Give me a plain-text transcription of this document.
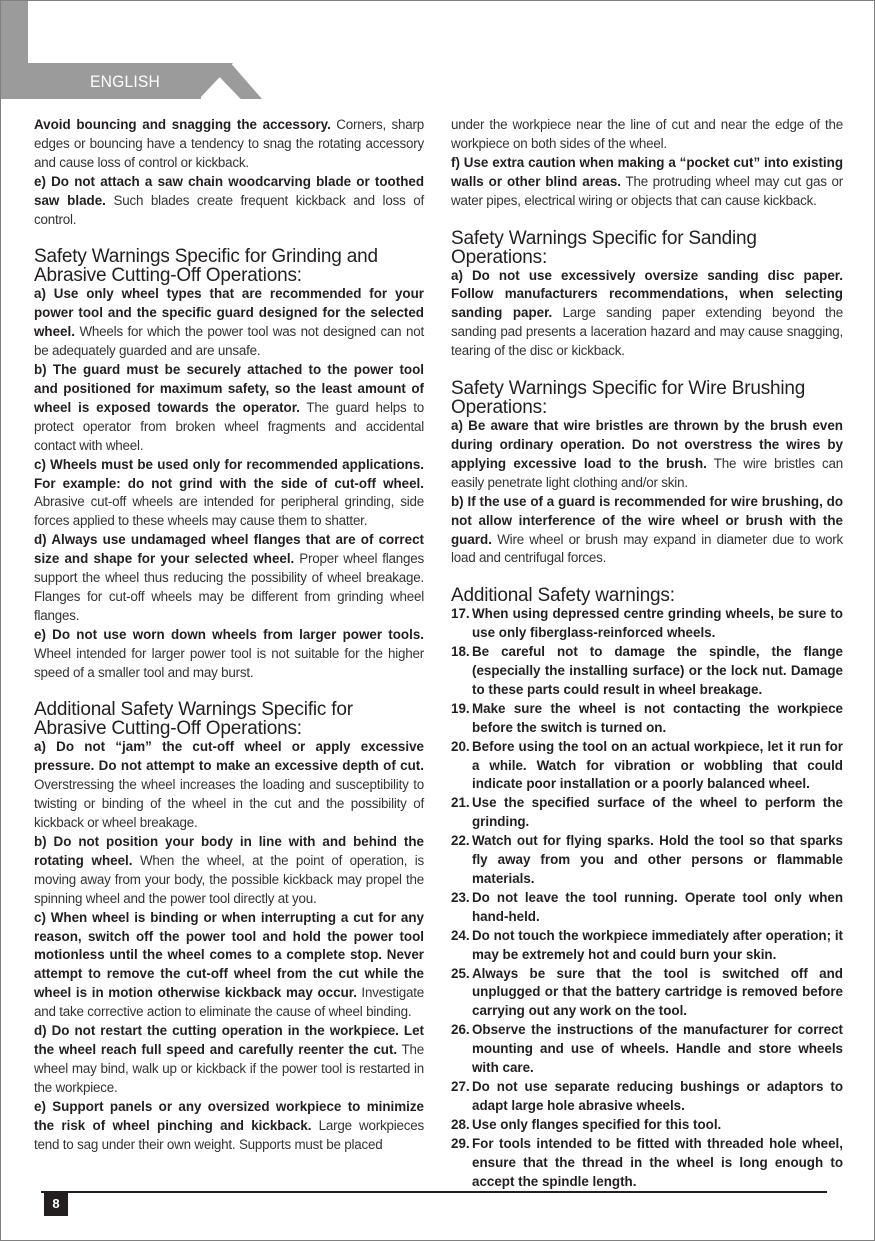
ENGLISH

Avoid bouncing and snagging the accessory. Corners, sharp edges or bouncing have a tendency to snag the rotating accessory and cause loss of control or kickback.

e) Do not attach a saw chain woodcarving blade or toothed saw blade. Such blades create frequent kickback and loss of control.

Safety Warnings Specific for Grinding and Abrasive Cutting-Off Operations:

a) Use only wheel types that are recommended for your power tool and the specific guard designed for the selected wheel. Wheels for which the power tool was not designed can not be adequately guarded and are unsafe.

b) The guard must be securely attached to the power tool and positioned for maximum safety, so the least amount of wheel is exposed towards the operator. The guard helps to protect operator from broken wheel fragments and accidental contact with wheel.

c) Wheels must be used only for recommended applications. For example: do not grind with the side of cut-off wheel. Abrasive cut-off wheels are intended for peripheral grinding, side forces applied to these wheels may cause them to shatter.

d) Always use undamaged wheel flanges that are of correct size and shape for your selected wheel. Proper wheel flanges support the wheel thus reducing the possibility of wheel breakage. Flanges for cut-off wheels may be different from grinding wheel flanges.

e) Do not use worn down wheels from larger power tools. Wheel intended for larger power tool is not suitable for the higher speed of a smaller tool and may burst.

Additional Safety Warnings Specific for Abrasive Cutting-Off Operations:

a) Do not “jam” the cut-off wheel or apply excessive pressure. Do not attempt to make an excessive depth of cut. Overstressing the wheel increases the loading and susceptibility to twisting or binding of the wheel in the cut and the possibility of kickback or wheel breakage.

b) Do not position your body in line with and behind the rotating wheel. When the wheel, at the point of operation, is moving away from your body, the possible kickback may propel the spinning wheel and the power tool directly at you.

c) When wheel is binding or when interrupting a cut for any reason, switch off the power tool and hold the power tool motionless until the wheel comes to a complete stop. Never attempt to remove the cut-off wheel from the cut while the wheel is in motion otherwise kickback may occur. Investigate and take corrective action to eliminate the cause of wheel binding.

d) Do not restart the cutting operation in the workpiece. Let the wheel reach full speed and carefully reenter the cut. The wheel may bind, walk up or kickback if the power tool is restarted in the workpiece.

e) Support panels or any oversized workpiece to minimize the risk of wheel pinching and kickback. Large workpieces tend to sag under their own weight. Supports must be placed

under the workpiece near the line of cut and near the edge of the workpiece on both sides of the wheel.

f) Use extra caution when making a “pocket cut” into existing walls or other blind areas. The protruding wheel may cut gas or water pipes, electrical wiring or objects that can cause kickback.

Safety Warnings Specific for Sanding Operations:

a) Do not use excessively oversize sanding disc paper. Follow manufacturers recommendations, when selecting sanding paper. Large sanding paper extending beyond the sanding pad presents a laceration hazard and may cause snagging, tearing of the disc or kickback.

Safety Warnings Specific for Wire Brushing Operations:

a) Be aware that wire bristles are thrown by the brush even during ordinary operation. Do not overstress the wires by applying excessive load to the brush. The wire bristles can easily penetrate light clothing and/or skin.

b) If the use of a guard is recommended for wire brushing, do not allow interference of the wire wheel or brush with the guard. Wire wheel or brush may expand in diameter due to work load and centrifugal forces.

Additional Safety warnings:
17. When using depressed centre grinding wheels, be sure to use only fiberglass-reinforced wheels.
18. Be careful not to damage the spindle, the flange (especially the installing surface) or the lock nut. Damage to these parts could result in wheel breakage.
19. Make sure the wheel is not contacting the workpiece before the switch is turned on.
20. Before using the tool on an actual workpiece, let it run for a while. Watch for vibration or wobbling that could indicate poor installation or a poorly balanced wheel.
21. Use the specified surface of the wheel to perform the grinding.
22. Watch out for flying sparks. Hold the tool so that sparks fly away from you and other persons or flammable materials.
23. Do not leave the tool running. Operate tool only when hand-held.
24. Do not touch the workpiece immediately after operation; it may be extremely hot and could burn your skin.
25. Always be sure that the tool is switched off and unplugged or that the battery cartridge is removed before carrying out any work on the tool.
26. Observe the instructions of the manufacturer for correct mounting and use of wheels. Handle and store wheels with care.
27. Do not use separate reducing bushings or adaptors to adapt large hole abrasive wheels.
28. Use only flanges specified for this tool.
29. For tools intended to be fitted with threaded hole wheel, ensure that the thread in the wheel is long enough to accept the spindle length.
8
